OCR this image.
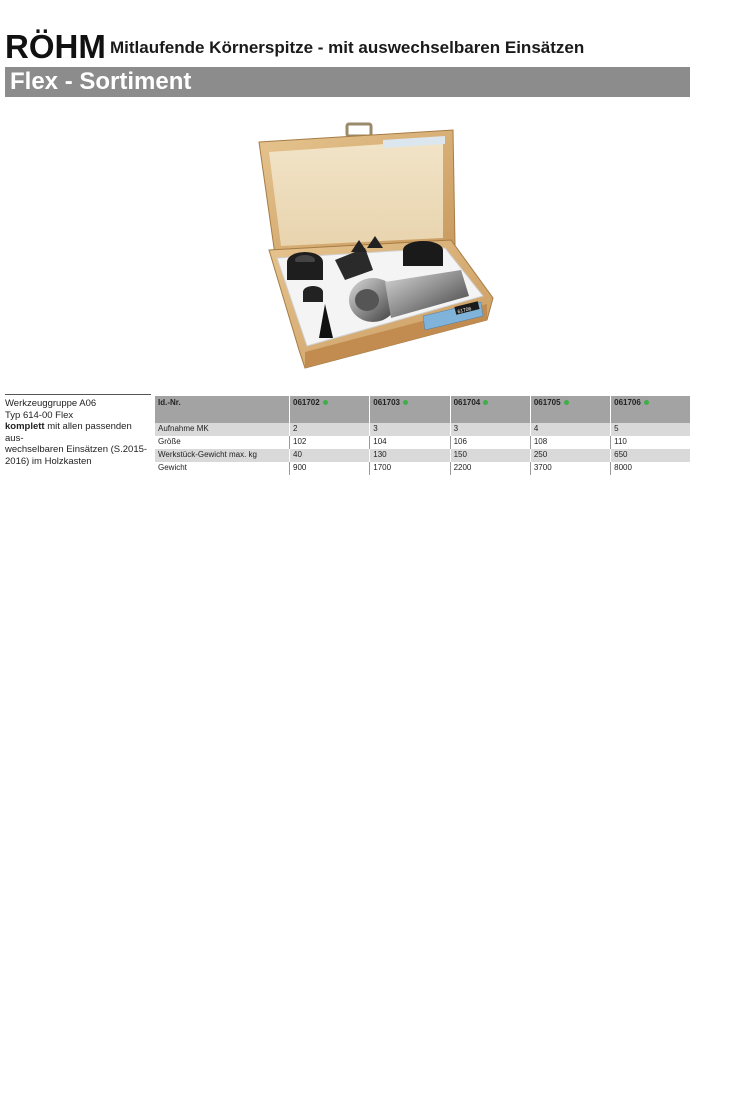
RÖHM Mitlaufende Körnerspitze - mit auswechselbaren Einsätzen
Flex - Sortiment
61706
Werkzeuggruppe A06
Typ 614-00 Flex
komplett mit allen passenden aus-
wechselbaren Einsätzen (S.2015-
2016) im Holzkasten
Id.-Nr.	061702	061703	061704	061705	061706
Aufnahme MK	2	3	3	4	5
Größe	102	104	106	108	110
Werkstück-Gewicht max. kg	40	130	150	250	650
Gewicht	900	1700	2200	3700	8000
